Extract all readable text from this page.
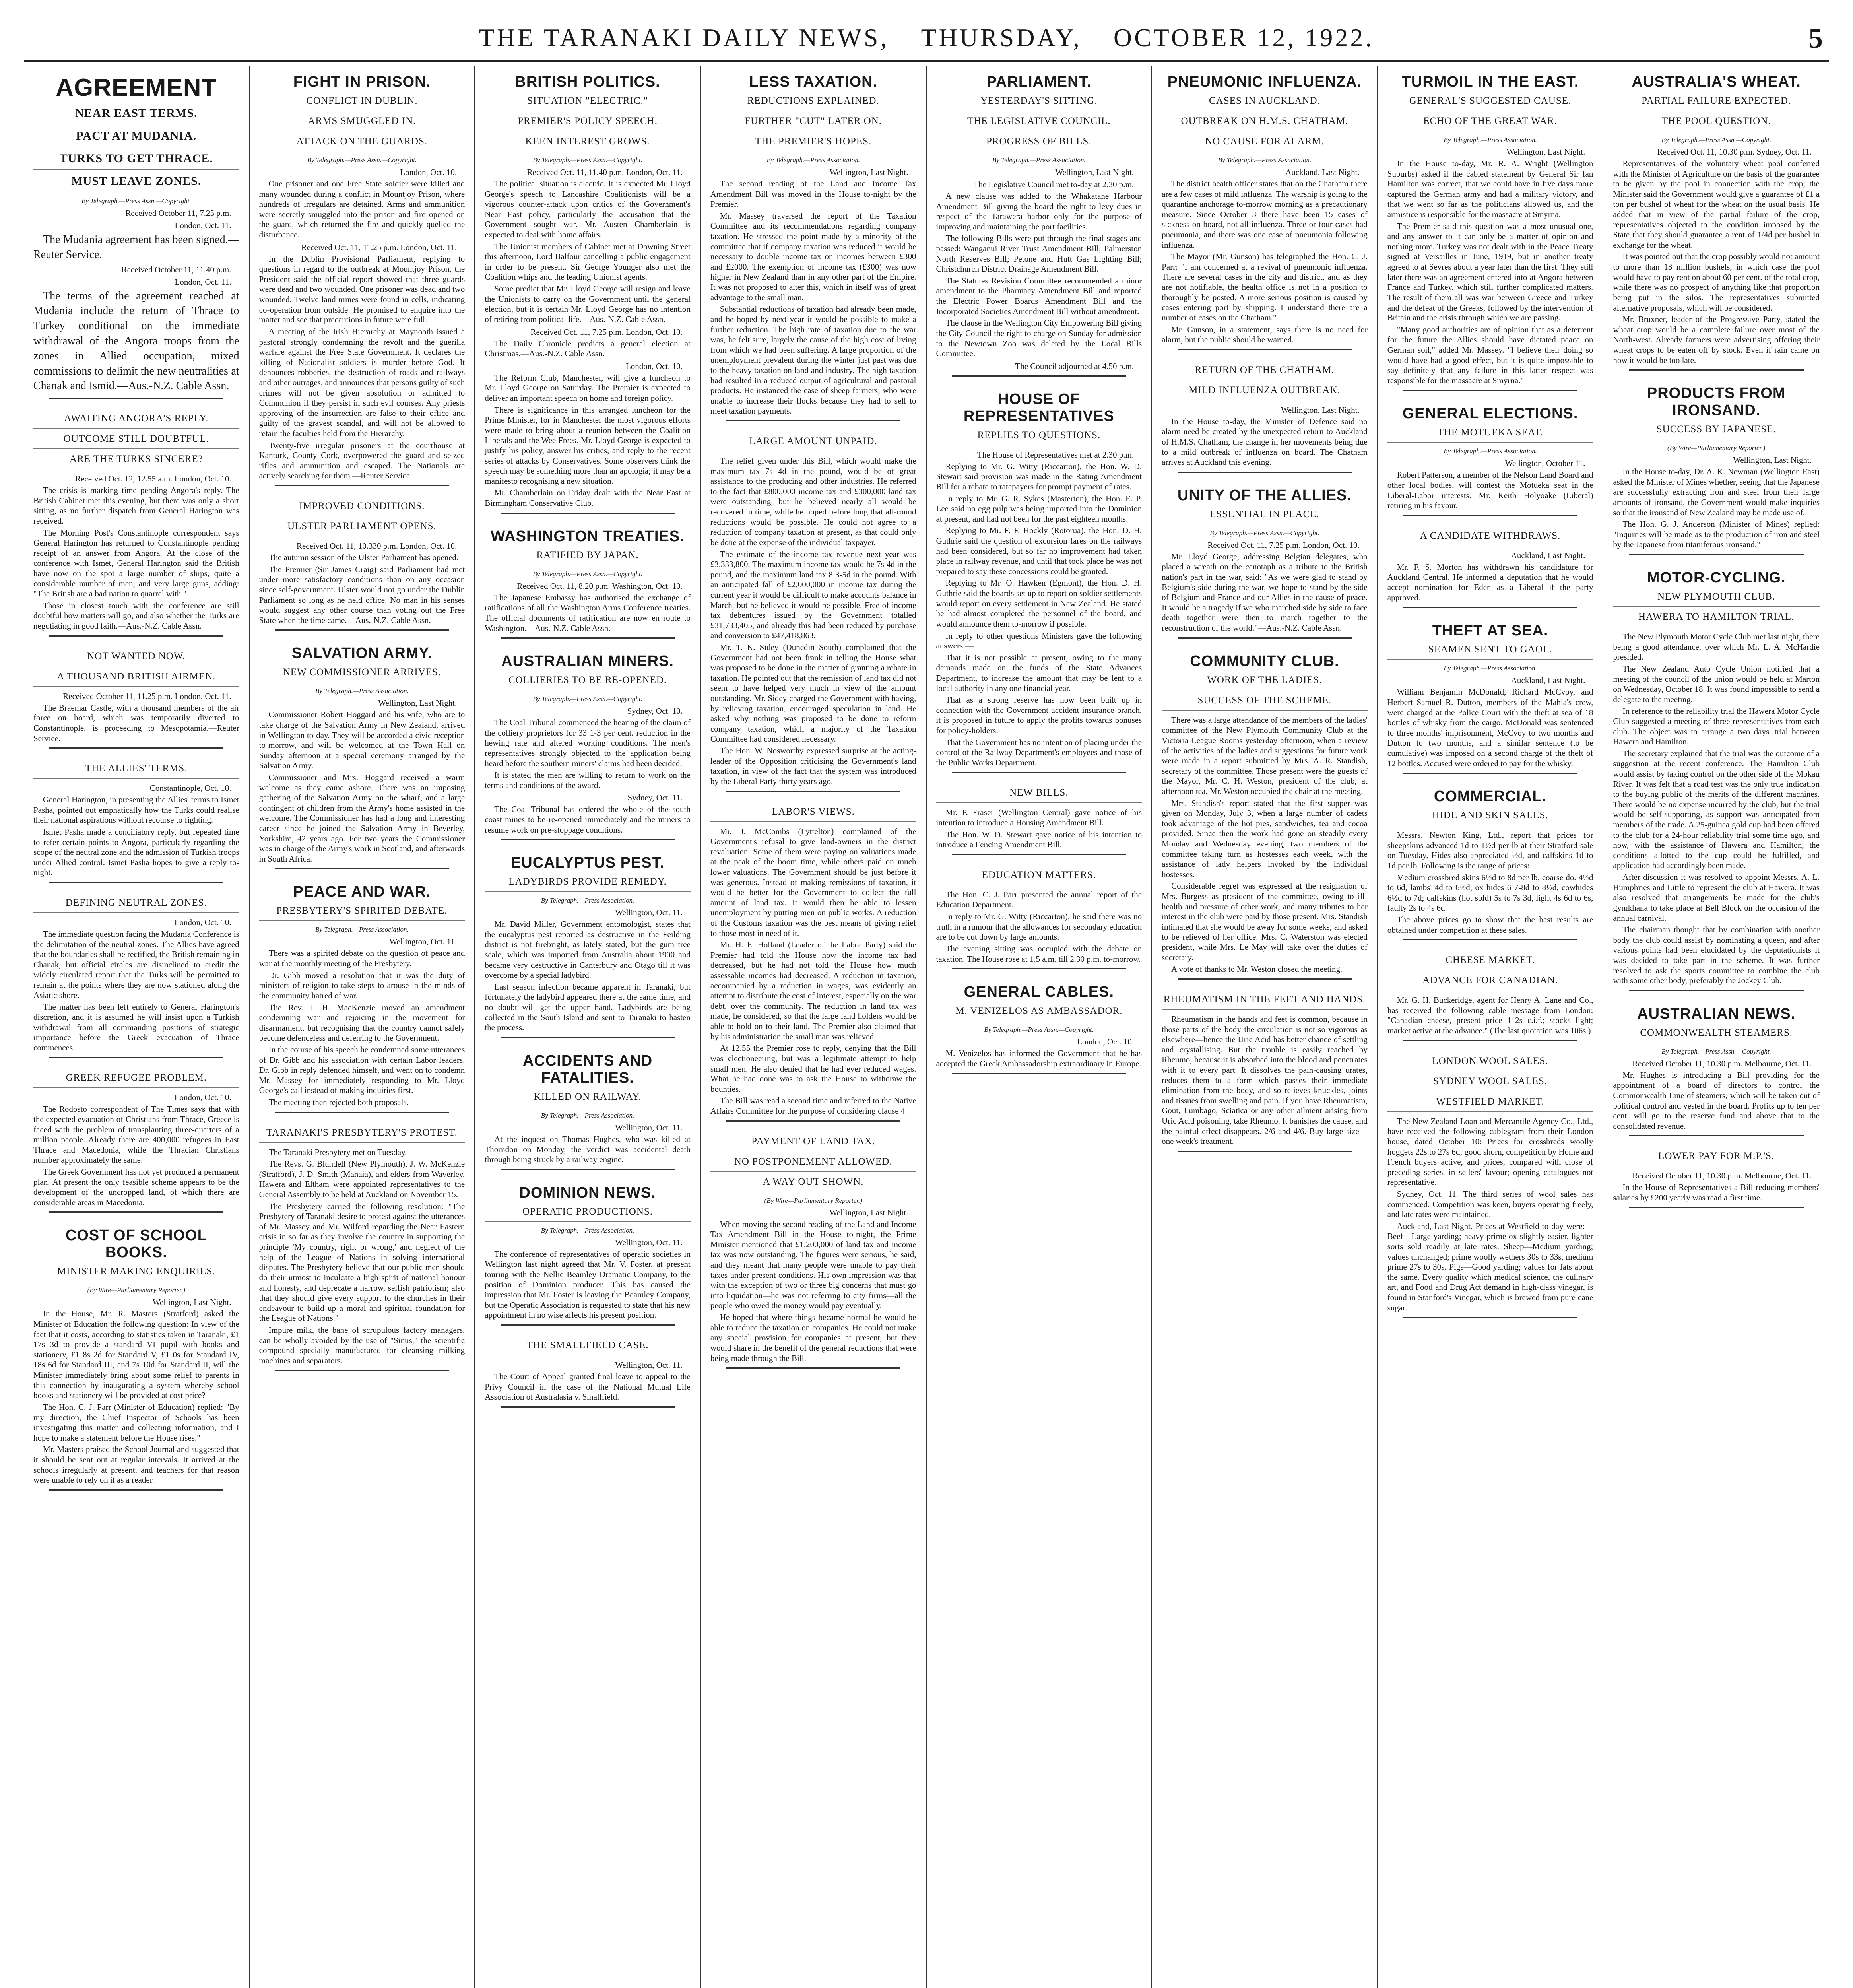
THE TARANAKI DAILY NEWS, THURSDAY, OCTOBER 12, 1922.	5
AGREEMENT
NEAR EAST TERMS.
PACT AT MUDANIA.
TURKS TO GET THRACE.
MUST LEAVE ZONES.
By Telegraph.—Press Assn.—Copyright.

Received October 11, 7.25 p.m.

London, Oct. 11.

The Mudania agreement has been signed.—Reuter Service.

Received October 11, 11.40 p.m.

London, Oct. 11.

The terms of the agreement reached at Mudania include the return of Thrace to Turkey conditional on the immediate withdrawal of the Angora troops from the zones in Allied occupation, mixed commissions to delimit the new neutralities at Chanak and Ismid.—Aus.-N.Z. Cable Assn.

AWAITING ANGORA'S REPLY.
OUTCOME STILL DOUBTFUL.
ARE THE TURKS SINCERE?

Received Oct. 12, 12.55 a.m. London, Oct. 10.

The crisis is marking time pending Angora's reply. The British Cabinet met this evening, but there was only a short sitting, as no further dispatch from General Harington was received.

The Morning Post's Constantinople correspondent says General Harington has returned to Constantinople pending receipt of an answer from Angora. At the close of the conference with Ismet, General Harington said the British have now on the spot a large number of ships, quite a considerable number of men, and very large guns, adding: "The British are a bad nation to quarrel with."

Those in closest touch with the conference are still doubtful how matters will go, and also whether the Turks are negotiating in good faith.—Aus.-N.Z. Cable Assn.

NOT WANTED NOW.
A THOUSAND BRITISH AIRMEN.

Received October 11, 11.25 p.m. London, Oct. 11.

The Braemar Castle, with a thousand members of the air force on board, which was temporarily diverted to Constantinople, is proceeding to Mesopotamia.—Reuter Service.

THE ALLIES' TERMS.

Constantinople, Oct. 10.

General Harington, in presenting the Allies' terms to Ismet Pasha, pointed out emphatically how the Turks could realise their national aspirations without recourse to fighting.

Ismet Pasha made a conciliatory reply, but repeated time to refer certain points to Angora, particularly regarding the scope of the neutral zone and the admission of Turkish troops under Allied control. Ismet Pasha hopes to give a reply to-night.

DEFINING NEUTRAL ZONES.

London, Oct. 10.

The immediate question facing the Mudania Conference is the delimitation of the neutral zones. The Allies have agreed that the boundaries shall be rectified, the British remaining in Chanak, but official circles are disinclined to credit the widely circulated report that the Turks will be permitted to remain at the points where they are now stationed along the Asiatic shore.

The matter has been left entirely to General Harington's discretion, and it is assumed he will insist upon a Turkish withdrawal from all commanding positions of strategic importance before the Greek evacuation of Thrace commences.

GREEK REFUGEE PROBLEM.

London, Oct. 10.

The Rodosto correspondent of The Times says that with the expected evacuation of Christians from Thrace, Greece is faced with the problem of transplanting three-quarters of a million people. Already there are 400,000 refugees in East Thrace and Macedonia, while the Thracian Christians number approximately the same.

The Greek Government has not yet produced a permanent plan. At present the only feasible scheme appears to be the development of the uncropped land, of which there are considerable areas in Macedonia.

COST OF SCHOOL BOOKS.
MINISTER MAKING ENQUIRIES.
(By Wire—Parliamentary Reporter.)

Wellington, Last Night.

In the House, Mr. R. Masters (Stratford) asked the Minister of Education the following question: In view of the fact that it costs, according to statistics taken in Taranaki, £1 17s 3d to provide a standard VI pupil with books and stationery, £1 8s 2d for Standard V, £1 0s for Standard IV, 18s 6d for Standard III, and 7s 10d for Standard II, will the Minister immediately bring about some relief to parents in this connection by inaugurating a system whereby school books and stationery will be provided at cost price?

The Hon. C. J. Parr (Minister of Education) replied: "By my direction, the Chief Inspector of Schools has been investigating this matter and collecting information, and I hope to make a statement before the House rises."

Mr. Masters praised the School Journal and suggested that it should be sent out at regular intervals. It arrived at the schools irregularly at present, and teachers for that reason were unable to rely on it as a reader.

FIGHT IN PRISON.
CONFLICT IN DUBLIN.
ARMS SMUGGLED IN.
ATTACK ON THE GUARDS.
By Telegraph.—Press Assn.—Copyright.

London, Oct. 10.

One prisoner and one Free State soldier were killed and many wounded during a conflict in Mountjoy Prison, where hundreds of irregulars are detained. Arms and ammunition were secretly smuggled into the prison and fire opened on the guard, which returned the fire and quickly quelled the disturbance.

Received Oct. 11, 11.25 p.m. London, Oct. 11.

In the Dublin Provisional Parliament, replying to questions in regard to the outbreak at Mountjoy Prison, the President said the official report showed that three guards were dead and two wounded. One prisoner was dead and two wounded. Twelve land mines were found in cells, indicating co-operation from outside. He promised to enquire into the matter and see that precautions in future were full.

A meeting of the Irish Hierarchy at Maynooth issued a pastoral strongly condemning the revolt and the guerilla warfare against the Free State Government. It declares the killing of Nationalist soldiers is murder before God. It denounces robberies, the destruction of roads and railways and other outrages, and announces that persons guilty of such crimes will not be given absolution or admitted to Communion if they persist in such evil courses. Any priests approving of the insurrection are false to their office and guilty of the gravest scandal, and will not be allowed to retain the faculties held from the Hierarchy.

Twenty-five irregular prisoners at the courthouse at Kanturk, County Cork, overpowered the guard and seized rifles and ammunition and escaped. The Nationals are actively searching for them.—Reuter Service.

IMPROVED CONDITIONS.
ULSTER PARLIAMENT OPENS.

Received Oct. 11, 10.330 p.m. London, Oct. 10.

The autumn session of the Ulster Parliament has opened.

The Premier (Sir James Craig) said Parliament had met under more satisfactory conditions than on any occasion since self-government. Ulster would not go under the Dublin Parliament so long as he held office. No man in his senses would suggest any other course than voting out the Free State when the time came.—Aus.-N.Z. Cable Assn.

SALVATION ARMY.
NEW COMMISSIONER ARRIVES.
By Telegraph.—Press Association.

Wellington, Last Night.

Commissioner Robert Hoggard and his wife, who are to take charge of the Salvation Army in New Zealand, arrived in Wellington to-day. They will be accorded a civic reception to-morrow, and will be welcomed at the Town Hall on Sunday afternoon at a special ceremony arranged by the Salvation Army.

Commissioner and Mrs. Hoggard received a warm welcome as they came ashore. There was an imposing gathering of the Salvation Army on the wharf, and a large contingent of children from the Army's home assisted in the welcome. The Commissioner has had a long and interesting career since he joined the Salvation Army in Beverley, Yorkshire, 42 years ago. For two years the Commissioner was in charge of the Army's work in Scotland, and afterwards in South Africa.

PEACE AND WAR.
PRESBYTERY'S SPIRITED DEBATE.
By Telegraph.—Press Association.

Wellington, Oct. 11.

There was a spirited debate on the question of peace and war at the monthly meeting of the Presbytery.

Dr. Gibb moved a resolution that it was the duty of ministers of religion to take steps to arouse in the minds of the community hatred of war.

The Rev. J. H. MacKenzie moved an amendment condemning war and rejoicing in the movement for disarmament, but recognising that the country cannot safely become defenceless and deferring to the Government.

In the course of his speech he condemned some utterances of Dr. Gibb and his association with certain Labor leaders. Dr. Gibb in reply defended himself, and went on to condemn Mr. Massey for immediately responding to Mr. Lloyd George's call instead of making inquiries first.

The meeting then rejected both proposals.

TARANAKI'S PRESBYTERY'S PROTEST.

The Taranaki Presbytery met on Tuesday.

The Revs. G. Blundell (New Plymouth), J. W. McKenzie (Stratford), J. D. Smith (Manaia), and elders from Waverley, Hawera and Eltham were appointed representatives to the General Assembly to be held at Auckland on November 15.

The Presbytery carried the following resolution: "The Presbytery of Taranaki desire to protest against the utterances of Mr. Massey and Mr. Wilford regarding the Near Eastern crisis in so far as they involve the country in supporting the principle 'My country, right or wrong,' and neglect of the help of the League of Nations in solving international disputes. The Presbytery believe that our public men should do their utmost to inculcate a high spirit of national honour and honesty, and deprecate a narrow, selfish patriotism; also that they should give every support to the churches in their endeavour to build up a moral and spiritual foundation for the League of Nations."

Impure milk, the bane of scrupulous factory managers, can be wholly avoided by the use of "Sinus," the scientific compound specially manufactured for cleansing milking machines and separators.

BRITISH POLITICS.
SITUATION "ELECTRIC."
PREMIER'S POLICY SPEECH.
KEEN INTEREST GROWS.
By Telegraph.—Press Assn.—Copyright.

Received Oct. 11, 11.40 p.m. London, Oct. 11.

The political situation is electric. It is expected Mr. Lloyd George's speech to Lancashire Coalitionists will be a vigorous counter-attack upon critics of the Government's Near East policy, particularly the accusation that the Government sought war. Mr. Austen Chamberlain is expected to deal with home affairs.

The Unionist members of Cabinet met at Downing Street this afternoon, Lord Balfour cancelling a public engagement in order to be present. Sir George Younger also met the Coalition whips and the leading Unionist agents.

Some predict that Mr. Lloyd George will resign and leave the Unionists to carry on the Government until the general election, but it is certain Mr. Lloyd George has no intention of retiring from political life.—Aus.-N.Z. Cable Assn.

Received Oct. 11, 7.25 p.m. London, Oct. 10.

The Daily Chronicle predicts a general election at Christmas.—Aus.-N.Z. Cable Assn.

London, Oct. 10.

The Reform Club, Manchester, will give a luncheon to Mr. Lloyd George on Saturday. The Premier is expected to deliver an important speech on home and foreign policy.

There is significance in this arranged luncheon for the Prime Minister, for in Manchester the most vigorous efforts were made to bring about a reunion between the Coalition Liberals and the Wee Frees. Mr. Lloyd George is expected to justify his policy, answer his critics, and reply to the recent series of attacks by Conservatives. Some observers think the speech may be something more than an apologia; it may be a manifesto recognising a new situation.

Mr. Chamberlain on Friday dealt with the Near East at Birmingham Conservative Club.

WASHINGTON TREATIES.
RATIFIED BY JAPAN.
By Telegraph.—Press Assn.—Copyright.

Received Oct. 11, 8.20 p.m. Washington, Oct. 10.

The Japanese Embassy has authorised the exchange of ratifications of all the Washington Arms Conference treaties. The official documents of ratification are now en route to Washington.—Aus.-N.Z. Cable Assn.

AUSTRALIAN MINERS.
COLLIERIES TO BE RE-OPENED.
By Telegraph.—Press Assn.—Copyright.

Sydney, Oct. 10.

The Coal Tribunal commenced the hearing of the claim of the colliery proprietors for 33 1-3 per cent. reduction in the hewing rate and altered working conditions. The men's representatives strongly objected to the application being heard before the southern miners' claims had been decided.

It is stated the men are willing to return to work on the terms and conditions of the award.

Sydney, Oct. 11.

The Coal Tribunal has ordered the whole of the south coast mines to be re-opened immediately and the miners to resume work on pre-stoppage conditions.

EUCALYPTUS PEST.
LADYBIRDS PROVIDE REMEDY.
By Telegraph.—Press Association.

Wellington, Oct. 11.

Mr. David Miller, Government entomologist, states that the eucalyptus pest reported as destructive in the Feilding district is not firebright, as lately stated, but the gum tree scale, which was imported from Australia about 1900 and became very destructive in Canterbury and Otago till it was overcome by a special ladybird.

Last season infection became apparent in Taranaki, but fortunately the ladybird appeared there at the same time, and no doubt will get the upper hand. Ladybirds are being collected in the South Island and sent to Taranaki to hasten the process.

ACCIDENTS AND FATALITIES.
KILLED ON RAILWAY.
By Telegraph.—Press Association.

Wellington, Oct. 11.

At the inquest on Thomas Hughes, who was killed at Thorndon on Monday, the verdict was accidental death through being struck by a railway engine.

DOMINION NEWS.
OPERATIC PRODUCTIONS.
By Telegraph.—Press Association.

Wellington, Oct. 11.

The conference of representatives of operatic societies in Wellington last night agreed that Mr. V. Foster, at present touring with the Nellie Beamley Dramatic Company, to the position of Dominion producer. This has caused the impression that Mr. Foster is leaving the Beamley Company, but the Operatic Association is requested to state that his new appointment in no wise affects his present position.

THE SMALLFIELD CASE.

Wellington, Oct. 11.

The Court of Appeal granted final leave to appeal to the Privy Council in the case of the National Mutual Life Association of Australasia v. Smallfield.

LESS TAXATION.
REDUCTIONS EXPLAINED.
FURTHER "CUT" LATER ON.
THE PREMIER'S HOPES.
By Telegraph.—Press Association.

Wellington, Last Night.

The second reading of the Land and Income Tax Amendment Bill was moved in the House to-night by the Premier.

Mr. Massey traversed the report of the Taxation Committee and its recommendations regarding company taxation. He stressed the point made by a minority of the committee that if company taxation was reduced it would be necessary to double income tax on incomes between £300 and £2000. The exemption of income tax (£300) was now higher in New Zealand than in any other part of the Empire. It was not proposed to alter this, which in itself was of great advantage to the small man.

Substantial reductions of taxation had already been made, and he hoped by next year it would be possible to make a further reduction. The high rate of taxation due to the war was, he felt sure, largely the cause of the high cost of living from which we had been suffering. A large proportion of the unemployment prevalent during the winter just past was due to the heavy taxation on land and industry. The high taxation had resulted in a reduced output of agricultural and pastoral products. He instanced the case of sheep farmers, who were unable to increase their flocks because they had to sell to meet taxation payments.

LARGE AMOUNT UNPAID.

The relief given under this Bill, which would make the maximum tax 7s 4d in the pound, would be of great assistance to the producing and other industries. He referred to the fact that £800,000 income tax and £300,000 land tax were outstanding, but he believed nearly all would be recovered in time, while he hoped before long that all-round reductions would be possible. He could not agree to a reduction of company taxation at present, as that could only be done at the expense of the individual taxpayer.

The estimate of the income tax revenue next year was £3,333,800. The maximum income tax would be 7s 4d in the pound, and the maximum land tax 8 3-5d in the pound. With an anticipated fall of £2,000,000 in income tax during the current year it would be difficult to make accounts balance in March, but he believed it would be possible. Free of income tax debentures issued by the Government totalled £31,733,405, and already this had been reduced by purchase and conversion to £47,418,863.

Mr. T. K. Sidey (Dunedin South) complained that the Government had not been frank in telling the House what was proposed to be done in the matter of granting a rebate in taxation. He pointed out that the remission of land tax did not seem to have helped very much in view of the amount outstanding. Mr. Sidey charged the Government with having, by relieving taxation, encouraged speculation in land. He asked why nothing was proposed to be done to reform company taxation, which a majority of the Taxation Committee had considered necessary.

The Hon. W. Nosworthy expressed surprise at the acting-leader of the Opposition criticising the Government's land taxation, in view of the fact that the system was introduced by the Liberal Party thirty years ago.

LABOR'S VIEWS.

Mr. J. McCombs (Lyttelton) complained of the Government's refusal to give land-owners in the district revaluation. Some of them were paying on valuations made at the peak of the boom time, while others paid on much lower valuations. The Government should be just before it was generous. Instead of making remissions of taxation, it would be better for the Government to collect the full amount of land tax. It would then be able to lessen unemployment by putting men on public works. A reduction of the Customs taxation was the best means of giving relief to those most in need of it.

Mr. H. E. Holland (Leader of the Labor Party) said the Premier had told the House how the income tax had decreased, but he had not told the House how much assessable incomes had decreased. A reduction in taxation, accompanied by a reduction in wages, was evidently an attempt to distribute the cost of interest, especially on the war debt, over the community. The reduction in land tax was made, he considered, so that the large land holders would be able to hold on to their land. The Premier also claimed that by his administration the small man was relieved.

At 12.55 the Premier rose to reply, denying that the Bill was electioneering, but was a legitimate attempt to help small men. He also denied that he had ever reduced wages. What he had done was to ask the House to withdraw the bounties.

The Bill was read a second time and referred to the Native Affairs Committee for the purpose of considering clause 4.

PAYMENT OF LAND TAX.
NO POSTPONEMENT ALLOWED.
A WAY OUT SHOWN.
(By Wire—Parliamentary Reporter.)

Wellington, Last Night.

When moving the second reading of the Land and Income Tax Amendment Bill in the House to-night, the Prime Minister mentioned that £1,200,000 of land tax and income tax was now outstanding. The figures were serious, he said, and they meant that many people were unable to pay their taxes under present conditions. His own impression was that with the exception of two or three big concerns that must go into liquidation—he was not referring to city firms—all the people who owed the money would pay eventually.

He hoped that where things became normal he would be able to reduce the taxation on companies. He could not make any special provision for companies at present, but they would share in the benefit of the general reductions that were being made through the Bill.

PARLIAMENT.
YESTERDAY'S SITTING.
THE LEGISLATIVE COUNCIL.
PROGRESS OF BILLS.
By Telegraph.—Press Association.

Wellington, Last Night.

The Legislative Council met to-day at 2.30 p.m.

A new clause was added to the Whakatane Harbour Amendment Bill giving the board the right to levy dues in respect of the Tarawera harbor only for the purpose of improving and maintaining the port facilities.

The following Bills were put through the final stages and passed: Wanganui River Trust Amendment Bill; Palmerston North Reserves Bill; Petone and Hutt Gas Lighting Bill; Christchurch District Drainage Amendment Bill.

The Statutes Revision Committee recommended a minor amendment to the Pharmacy Amendment Bill and reported the Electric Power Boards Amendment Bill and the Incorporated Societies Amendment Bill without amendment.

The clause in the Wellington City Empowering Bill giving the City Council the right to charge on Sunday for admission to the Newtown Zoo was deleted by the Local Bills Committee.

The Council adjourned at 4.50 p.m.

HOUSE OF REPRESENTATIVES
REPLIES TO QUESTIONS.

The House of Representatives met at 2.30 p.m.

Replying to Mr. G. Witty (Riccarton), the Hon. W. D. Stewart said provision was made in the Rating Amendment Bill for a rebate to ratepayers for prompt payment of rates.

In reply to Mr. G. R. Sykes (Masterton), the Hon. E. P. Lee said no egg pulp was being imported into the Dominion at present, and had not been for the past eighteen months.

Replying to Mr. F. F. Hockly (Rotorua), the Hon. D. H. Guthrie said the question of excursion fares on the railways had been considered, but so far no improvement had taken place in railway revenue, and until that took place he was not prepared to say these concessions could be granted.

Replying to Mr. O. Hawken (Egmont), the Hon. D. H. Guthrie said the boards set up to report on soldier settlements would report on every settlement in New Zealand. He stated he had almost completed the personnel of the board, and would announce them to-morrow if possible.

In reply to other questions Ministers gave the following answers:—

That it is not possible at present, owing to the many demands made on the funds of the State Advances Department, to increase the amount that may be lent to a local authority in any one financial year.

That as a strong reserve has now been built up in connection with the Government accident insurance branch, it is proposed in future to apply the profits towards bonuses for policy-holders.

That the Government has no intention of placing under the control of the Railway Department's employees and those of the Public Works Department.

NEW BILLS.

Mr. P. Fraser (Wellington Central) gave notice of his intention to introduce a Housing Amendment Bill.

The Hon. W. D. Stewart gave notice of his intention to introduce a Fencing Amendment Bill.

EDUCATION MATTERS.

The Hon. C. J. Parr presented the annual report of the Education Department.

In reply to Mr. G. Witty (Riccarton), he said there was no truth in a rumour that the allowances for secondary education are to be cut down by large amounts.

The evening sitting was occupied with the debate on taxation. The House rose at 1.5 a.m. till 2.30 p.m. to-morrow.

GENERAL CABLES.
M. VENIZELOS AS AMBASSADOR.
By Telegraph.—Press Assn.—Copyright.

London, Oct. 10.

M. Venizelos has informed the Government that he has accepted the Greek Ambassadorship extraordinary in Europe.

PNEUMONIC INFLUENZA.
CASES IN AUCKLAND.
OUTBREAK ON H.M.S. CHATHAM.
NO CAUSE FOR ALARM.
By Telegraph.—Press Association.

Auckland, Last Night.

The district health officer states that on the Chatham there are a few cases of mild influenza. The warship is going to the quarantine anchorage to-morrow morning as a precautionary measure. Since October 3 there have been 15 cases of sickness on board, not all influenza. Three or four cases had pneumonia, and there was one case of pneumonia following influenza.

The Mayor (Mr. Gunson) has telegraphed the Hon. C. J. Parr: "I am concerned at a revival of pneumonic influenza. There are several cases in the city and district, and as they are not notifiable, the health office is not in a position to thoroughly be posted. A more serious position is caused by cases entering port by shipping. I understand there are a number of cases on the Chatham."

Mr. Gunson, in a statement, says there is no need for alarm, but the public should be warned.

RETURN OF THE CHATHAM.
MILD INFLUENZA OUTBREAK.

Wellington, Last Night.

In the House to-day, the Minister of Defence said no alarm need be created by the unexpected return to Auckland of H.M.S. Chatham, the change in her movements being due to a mild outbreak of influenza on board. The Chatham arrives at Auckland this evening.

UNITY OF THE ALLIES.
ESSENTIAL IN PEACE.
By Telegraph.—Press Assn.—Copyright.

Received Oct. 11, 7.25 p.m. London, Oct. 10.

Mr. Lloyd George, addressing Belgian delegates, who placed a wreath on the cenotaph as a tribute to the British nation's part in the war, said: "As we were glad to stand by Belgium's side during the war, we hope to stand by the side of Belgium and France and our Allies in the cause of peace. It would be a tragedy if we who marched side by side to face death together were then to march together to the reconstruction of the world."—Aus.-N.Z. Cable Assn.

COMMUNITY CLUB.
WORK OF THE LADIES.
SUCCESS OF THE SCHEME.

There was a large attendance of the members of the ladies' committee of the New Plymouth Community Club at the Victoria League Rooms yesterday afternoon, when a review of the activities of the ladies and suggestions for future work were made in a report submitted by Mrs. A. R. Standish, secretary of the committee. Those present were the guests of the Mayor, Mr. C. H. Weston, president of the club, at afternoon tea. Mr. Weston occupied the chair at the meeting.

Mrs. Standish's report stated that the first supper was given on Monday, July 3, when a large number of cadets took advantage of the hot pies, sandwiches, tea and cocoa provided. Since then the work had gone on steadily every Monday and Wednesday evening, two members of the committee taking turn as hostesses each week, with the assistance of lady helpers invoked by the individual hostesses.

Considerable regret was expressed at the resignation of Mrs. Burgess as president of the committee, owing to ill-health and pressure of other work, and many tributes to her interest in the club were paid by those present. Mrs. Standish intimated that she would be away for some weeks, and asked to be relieved of her office. Mrs. C. Waterston was elected president, while Mrs. Le May will take over the duties of secretary.

A vote of thanks to Mr. Weston closed the meeting.

RHEUMATISM IN THE FEET AND HANDS.

Rheumatism in the hands and feet is common, because in those parts of the body the circulation is not so vigorous as elsewhere—hence the Uric Acid has better chance of settling and crystallising. But the trouble is easily reached by Rheumo, because it is absorbed into the blood and penetrates with it to every part. It dissolves the pain-causing urates, reduces them to a form which passes their immediate elimination from the body, and so relieves knuckles, joints and tissues from swelling and pain. If you have Rheumatism, Gout, Lumbago, Sciatica or any other ailment arising from Uric Acid poisoning, take Rheumo. It banishes the cause, and the painful effect disappears. 2/6 and 4/6. Buy large size—one week's treatment.

TURMOIL IN THE EAST.
GENERAL'S SUGGESTED CAUSE.
ECHO OF THE GREAT WAR.
By Telegraph.—Press Association.

Wellington, Last Night.

In the House to-day, Mr. R. A. Wright (Wellington Suburbs) asked if the cabled statement by General Sir Ian Hamilton was correct, that we could have in five days more captured the German army and had a military victory, and that we went so far as the politicians allowed us, and the armistice is responsible for the massacre at Smyrna.

The Premier said this question was a most unusual one, and any answer to it can only be a matter of opinion and nothing more. Turkey was not dealt with in the Peace Treaty signed at Versailles in June, 1919, but in another treaty agreed to at Sevres about a year later than the first. They still later there was an agreement entered into at Angora between France and Turkey, which still further complicated matters. The result of them all was war between Greece and Turkey and the defeat of the Greeks, followed by the intervention of Britain and the crisis through which we are passing.

"Many good authorities are of opinion that as a deterrent for the future the Allies should have dictated peace on German soil," added Mr. Massey. "I believe their doing so would have had a good effect, but it is quite impossible to say definitely that any failure in this latter respect was responsible for the massacre at Smyrna."

GENERAL ELECTIONS.
THE MOTUEKA SEAT.
By Telegraph.—Press Association.

Wellington, October 11.

Robert Patterson, a member of the Nelson Land Board and other local bodies, will contest the Motueka seat in the Liberal-Labor interests. Mr. Keith Holyoake (Liberal) retiring in his favour.

A CANDIDATE WITHDRAWS.

Auckland, Last Night.

Mr. F. S. Morton has withdrawn his candidature for Auckland Central. He informed a deputation that he would accept nomination for Eden as a Liberal if the party approved.

THEFT AT SEA.
SEAMEN SENT TO GAOL.
By Telegraph.—Press Association.

Auckland, Last Night.

William Benjamin McDonald, Richard McCvoy, and Herbert Samuel R. Dutton, members of the Mahia's crew, were charged at the Police Court with the theft at sea of 18 bottles of whisky from the cargo. McDonald was sentenced to three months' imprisonment, McCvoy to two months and Dutton to two months, and a similar sentence (to be cumulative) was imposed on a second charge of the theft of 12 bottles. Accused were ordered to pay for the whisky.

COMMERCIAL.
HIDE AND SKIN SALES.

Messrs. Newton King, Ltd., report that prices for sheepskins advanced 1d to 1½d per lb at their Stratford sale on Tuesday. Hides also appreciated ½d, and calfskins 1d to 1d per lb. Following is the range of prices:

Medium crossbred skins 6½d to 8d per lb, coarse do. 4½d to 6d, lambs' 4d to 6½d, ox hides 6 7-8d to 8½d, cowhides 6½d to 7d; calfskins (hot sold) 5s to 7s 3d, light 4s 6d to 6s, faulty 2s to 4s 6d.

The above prices go to show that the best results are obtained under competition at these sales.

CHEESE MARKET.
ADVANCE FOR CANADIAN.

Mr. G. H. Buckeridge, agent for Henry A. Lane and Co., has received the following cable message from London: "Canadian cheese, present price 112s c.i.f.; stocks light; market active at the advance." (The last quotation was 106s.)

LONDON WOOL SALES.
SYDNEY WOOL SALES.
WESTFIELD MARKET.

The New Zealand Loan and Mercantile Agency Co., Ltd., have received the following cablegram from their London house, dated October 10: Prices for crossbreds woolly hoggets 22s to 27s 6d; good shorn, competition by Home and French buyers active, and prices, compared with close of preceding series, in sellers' favour; opening catalogues not representative.

Sydney, Oct. 11. The third series of wool sales has commenced. Competition was keen, buyers operating freely, and late rates were maintained.

Auckland, Last Night. Prices at Westfield to-day were:— Beef—Large yarding; heavy prime ox slightly easier, lighter sorts sold readily at late rates. Sheep—Medium yarding; values unchanged; prime woolly wethers 30s to 33s, medium prime 27s to 30s. Pigs—Good yarding; values for fats about the same. Every quality which medical science, the culinary art, and Food and Drug Act demand in high-class vinegar, is found in Stanford's Vinegar, which is brewed from pure cane sugar.

AUSTRALIA'S WHEAT.
PARTIAL FAILURE EXPECTED.
THE POOL QUESTION.
By Telegraph.—Press Assn.—Copyright.

Received Oct. 11, 10.30 p.m. Sydney, Oct. 11.

Representatives of the voluntary wheat pool conferred with the Minister of Agriculture on the basis of the guarantee to be given by the pool in connection with the crop; the Minister said the Government would give a guarantee of £1 a ton per bushel of wheat for the wheat on the usual basis. He added that in view of the partial failure of the crop, representatives objected to the condition imposed by the State that they should guarantee a rent of 1/4d per bushel in exchange for the wheat.

It was pointed out that the crop possibly would not amount to more than 13 million bushels, in which case the pool would have to pay rent on about 60 per cent. of the total crop, while there was no prospect of anything like that proportion being put in the silos. The representatives submitted alternative proposals, which will be considered.

Mr. Bruxner, leader of the Progressive Party, stated the wheat crop would be a complete failure over most of the North-west. Already farmers were advertising offering their wheat crops to be eaten off by stock. Even if rain came on now it would be too late.

PRODUCTS FROM IRONSAND.
SUCCESS BY JAPANESE.
(By Wire—Parliamentary Reporter.)

Wellington, Last Night.

In the House to-day, Dr. A. K. Newman (Wellington East) asked the Minister of Mines whether, seeing that the Japanese are successfully extracting iron and steel from their large amounts of ironsand, the Government would make inquiries so that the ironsand of New Zealand may be made use of.

The Hon. G. J. Anderson (Minister of Mines) replied: "Inquiries will be made as to the production of iron and steel by the Japanese from titaniferous ironsand."

MOTOR-CYCLING.
NEW PLYMOUTH CLUB.
HAWERA TO HAMILTON TRIAL.

The New Plymouth Motor Cycle Club met last night, there being a good attendance, over which Mr. L. A. McHardie presided.

The New Zealand Auto Cycle Union notified that a meeting of the council of the union would be held at Marton on Wednesday, October 18. It was found impossible to send a delegate to the meeting.

In reference to the reliability trial the Hawera Motor Cycle Club suggested a meeting of three representatives from each club. The object was to arrange a two days' trial between Hawera and Hamilton.

The secretary explained that the trial was the outcome of a suggestion at the recent conference. The Hamilton Club would assist by taking control on the other side of the Mokau River. It was felt that a road test was the only true indication to the buying public of the merits of the different machines. There would be no expense incurred by the club, but the trial would be self-supporting, as support was anticipated from members of the trade. A 25-guinea gold cup had been offered to the club for a 24-hour reliability trial some time ago, and now, with the assistance of Hawera and Hamilton, the conditions allotted to the cup could be fulfilled, and application had accordingly been made.

After discussion it was resolved to appoint Messrs. A. L. Humphries and Little to represent the club at Hawera. It was also resolved that arrangements be made for the club's gymkhana to take place at Bell Block on the occasion of the annual carnival.

The chairman thought that by combination with another body the club could assist by nominating a queen, and after various points had been elucidated by the deputationists it was decided to take part in the scheme. It was further resolved to ask the sports committee to combine the club with some other body, preferably the Jockey Club.

AUSTRALIAN NEWS.
COMMONWEALTH STEAMERS.
By Telegraph.—Press Assn.—Copyright.

Received October 11, 10.30 p.m. Melbourne, Oct. 11.

Mr. Hughes is introducing a Bill providing for the appointment of a board of directors to control the Commonwealth Line of steamers, which will be taken out of political control and vested in the board. Profits up to ten per cent. will go to the reserve fund and above that to the consolidated revenue.

LOWER PAY FOR M.P.'S.

Received October 11, 10.30 p.m. Melbourne, Oct. 11.

In the House of Representatives a Bill reducing members' salaries by £200 yearly was read a first time.
